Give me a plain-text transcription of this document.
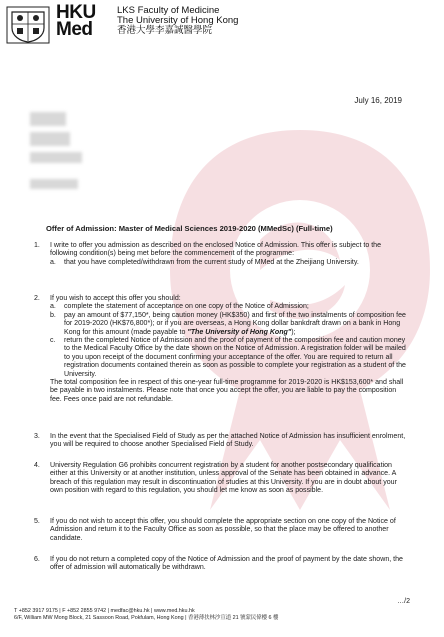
HKU
Med
LKS Faculty of Medicine
The University of Hong Kong
香港大學李嘉誠醫學院
July 16, 2019
Offer of Admission: Master of Medical Sciences 2019-2020 (MMedSc) (Full-time)
1.	I write to offer you admission as described on the enclosed Notice of Admission. This offer is subject to the following condition(s) being met before the commencement of the programme:
a. that you have completed/withdrawn from the current study of MMed at the Zheijiang University.
2.	If you wish to accept this offer you should:
a. complete the statement of acceptance on one copy of the Notice of Admission;
b. pay an amount of $77,150*, being caution money (HK$350) and first of the two instalments of composition fee for 2019-2020 (HK$76,800*); or if you are overseas, a Hong Kong dollar bankdraft drawn on a bank in Hong Kong for this amount (made payable to "The University of Hong Kong");
c. return the completed Notice of Admission and the proof of payment of the composition fee and caution money to the Medical Faculty Office by the date shown on the Notice of Admission. A registration folder will be mailed to you upon receipt of the document confirming your acceptance of the offer. You are required to return all registration documents contained therein as soon as possible to complete your registration as a student of the University.
The total composition fee in respect of this one-year full-time programme for 2019-2020 is HK$153,600* and shall be payable in two instalments. Please note that once you accept the offer, you are liable to pay the composition fee. Fees once paid are not refundable.
3.	In the event that the Specialised Field of Study as per the attached Notice of Admission has insufficient enrolment, you will be required to choose another Specialised Field of Study.
4.	University Regulation G6 prohibits concurrent registration by a student for another postsecondary qualification either at this University or at another institution, unless approval of the Senate has been obtained in advance. A breach of this regulation may result in discontinuation of studies at this University. If you are in doubt about your own position with regard to this regulation, you should let me know as soon as possible.
5.	If you do not wish to accept this offer, you should complete the appropriate section on one copy of the Notice of Admission and return it to the Faculty Office as soon as possible, so that the place may be offered to another candidate.
6.	If you do not return a completed copy of the Notice of Admission and the proof of payment by the date shown, the offer of admission will automatically be withdrawn.
…/2
T +852 3917 9175 | F +852 2855 9742 | medfac@hku.hk | www.med.hku.hk
6/F, William MW Mong Block, 21 Sassoon Road, Pokfulam, Hong Kong | 香港薄扶林沙宣道 21 號蒙民偉樓 6 樓
